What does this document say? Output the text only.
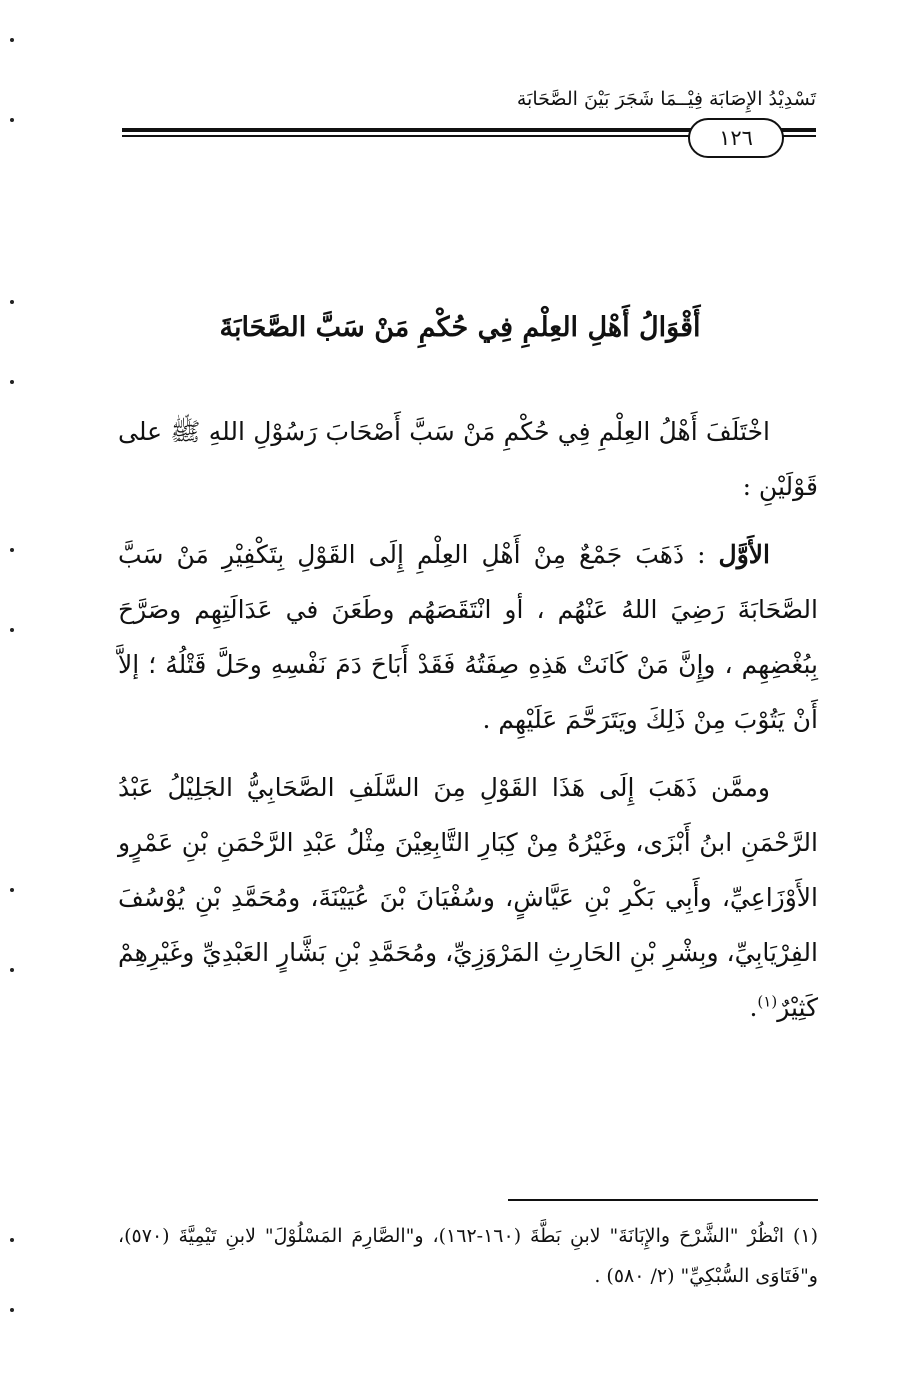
تَسْدِيْدُ الإِصَابَة فِيْــمَا شَجَرَ بَيْنَ الصَّحَابَة
١٢٦
أَقْوَالُ أَهْلِ العِلْمِ فِي حُكْمِ مَنْ سَبَّ الصَّحَابَةَ

اخْتَلَفَ أَهْلُ العِلْمِ فِي حُكْمِ مَنْ سَبَّ أَصْحَابَ رَسُوْلِ اللهِ ﷺ على قَوْلَيْنِ :

الأَوَّل : ذَهَبَ جَمْعٌ مِنْ أَهْلِ العِلْمِ إِلَى القَوْلِ بِتَكْفِيْرِ مَنْ سَبَّ الصَّحَابَةَ رَضِيَ اللهُ عَنْهُم ، أو انْتَقَصَهُم وطَعَنَ في عَدَالَتِهِم وصَرَّحَ بِبُغْضِهِم ، وإِنَّ مَنْ كَانَتْ هَذِهِ صِفَتُهُ فَقَدْ أَبَاحَ دَمَ نَفْسِهِ وحَلَّ قَتْلُهُ ؛ إلاَّ أَنْ يَتُوْبَ مِنْ ذَلِكَ ويَتَرَحَّمَ عَلَيْهِم .

وممَّن ذَهَبَ إِلَى هَذَا القَوْلِ مِنَ السَّلَفِ الصَّحَابِيُّ الجَلِيْلُ عَبْدُ الرَّحْمَنِ ابنُ أَبْزَى، وغَيْرُهُ مِنْ كِبَارِ التَّابِعِيْنَ مِثْلُ عَبْدِ الرَّحْمَنِ بْنِ عَمْرٍو الأَوْزَاعِيِّ، وأَبِي بَكْرِ بْنِ عَيَّاشٍ، وسُفْيَانَ بْنَ عُيَيْنَةَ، ومُحَمَّدِ بْنِ يُوْسُفَ الفِرْيَابِيِّ، وبِشْرِ بْنِ الحَارِثِ المَرْوَزِيِّ، ومُحَمَّدِ بْنِ بَشَّارٍ العَبْدِيِّ وغَيْرِهِمْ كَثِيْرٌ$^{(١)}$.

(١) انْظُرْ "الشَّرْحَ والإِبَانَةَ" لابنِ بَطَّةَ (١٦٠-١٦٢)، و"الصَّارِمَ المَسْلُوْلَ" لابنِ تَيْمِيَّةَ (٥٧٠)، و"فَتَاوَى السُّبْكِيِّ" (٢/ ٥٨٠) .
